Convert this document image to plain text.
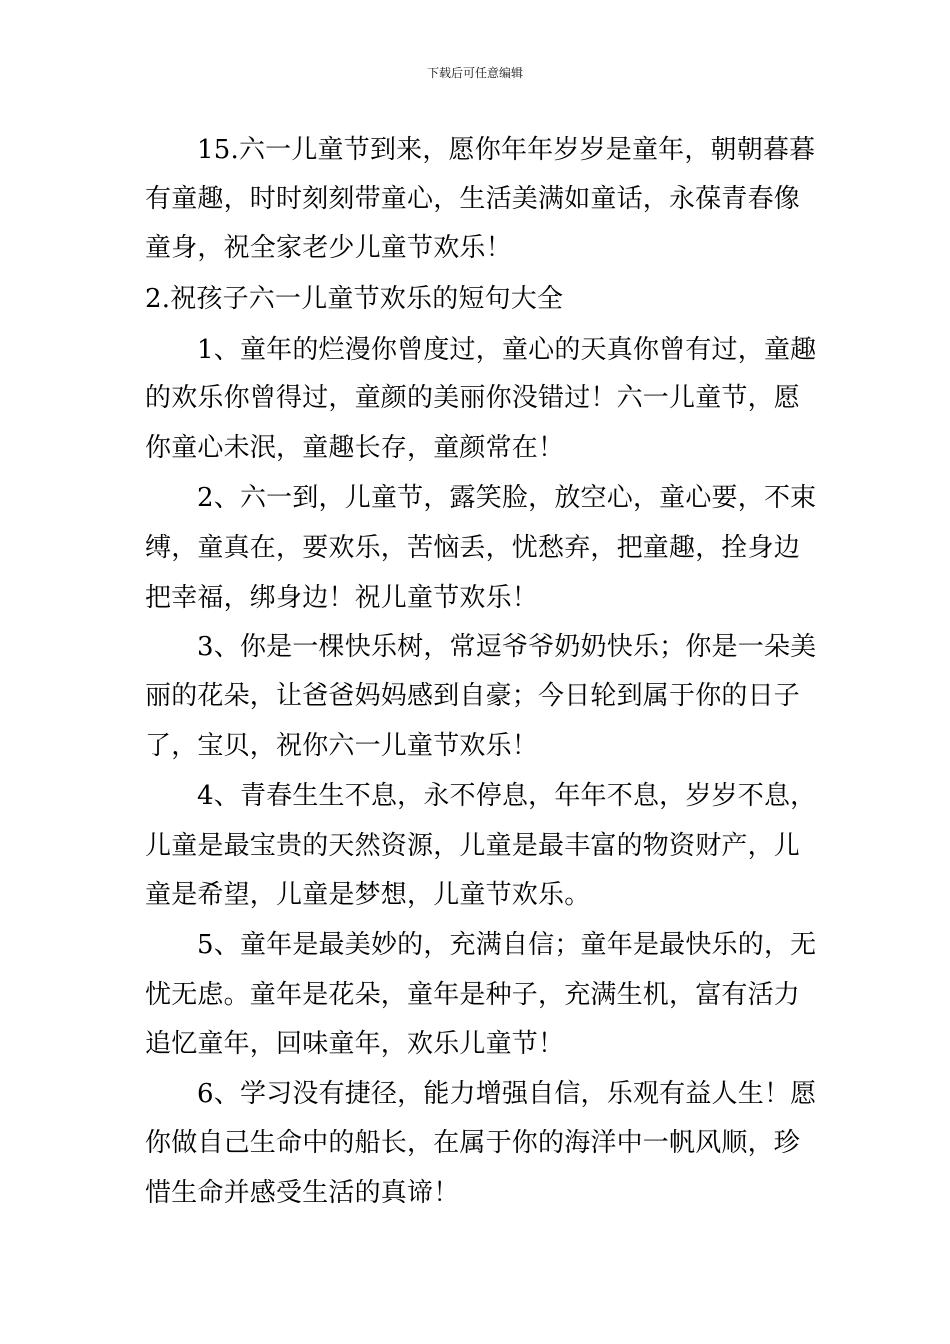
下载后可任意编辑
15.六一儿童节到来，愿你年年岁岁是童年，朝朝暮暮
有童趣，时时刻刻带童心，生活美满如童话，永葆青春像
童身，祝全家老少儿童节欢乐！
2.祝孩子六一儿童节欢乐的短句大全
1、童年的烂漫你曾度过，童心的天真你曾有过，童趣
的欢乐你曾得过，童颜的美丽你没错过！六一儿童节，愿
你童心未泯，童趣长存，童颜常在！
2、六一到，儿童节，露笑脸，放空心，童心要，不束
缚，童真在，要欢乐，苦恼丢，忧愁弃，把童趣，拴身边
把幸福，绑身边！祝儿童节欢乐！
3、你是一棵快乐树，常逗爷爷奶奶快乐；你是一朵美
丽的花朵，让爸爸妈妈感到自豪；今日轮到属于你的日子
了，宝贝，祝你六一儿童节欢乐！
4、青春生生不息，永不停息，年年不息，岁岁不息，
儿童是最宝贵的天然资源，儿童是最丰富的物资财产，儿
童是希望，儿童是梦想，儿童节欢乐。
5、童年是最美妙的，充满自信；童年是最快乐的，无
忧无虑。童年是花朵，童年是种子，充满生机，富有活力
追忆童年，回味童年，欢乐儿童节！
6、学习没有捷径，能力增强自信，乐观有益人生！愿
你做自己生命中的船长，在属于你的海洋中一帆风顺，珍
惜生命并感受生活的真谛！
